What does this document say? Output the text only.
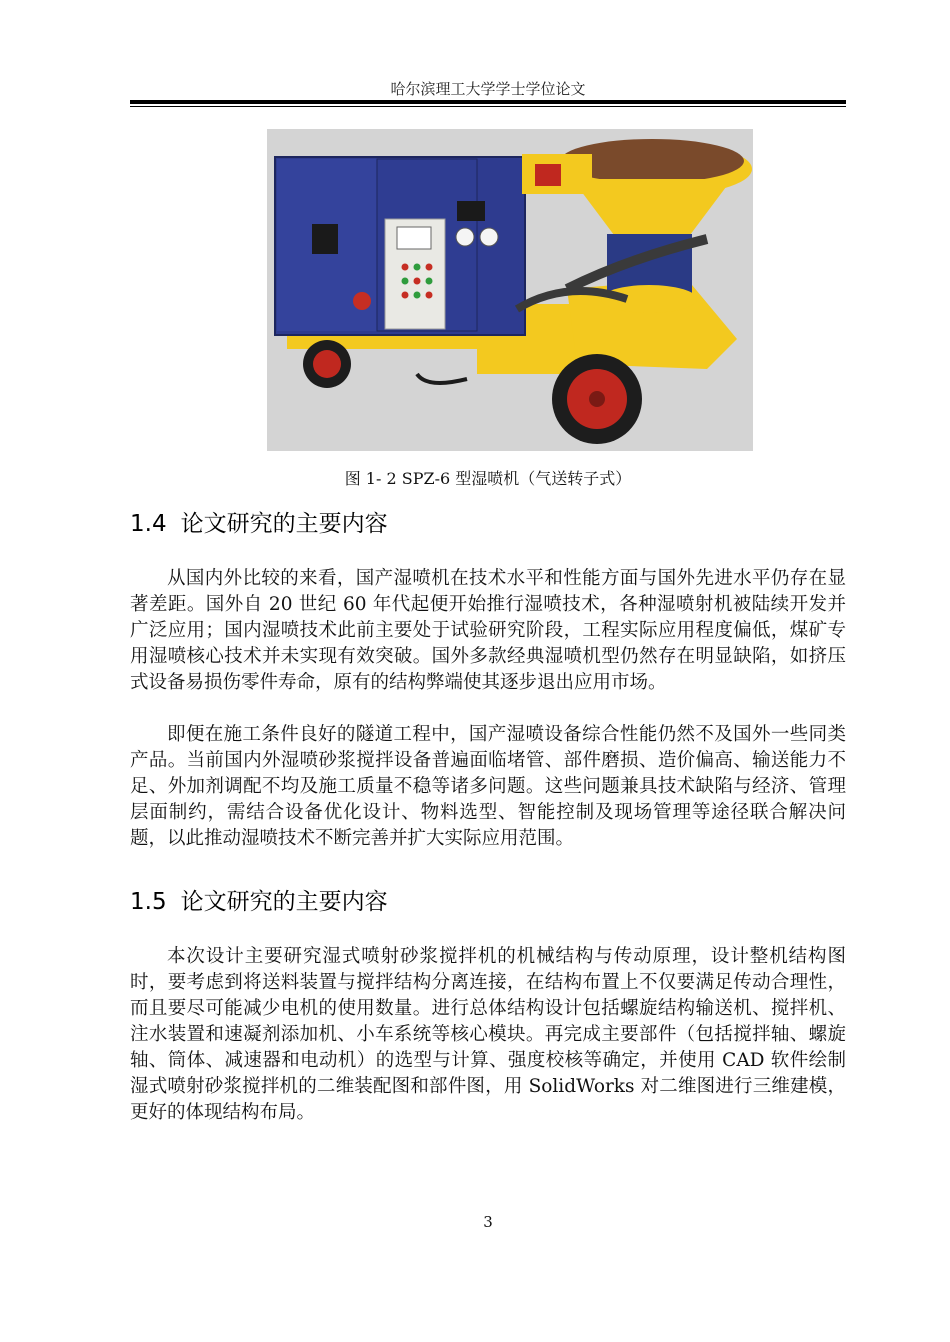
哈尔滨理工大学学士学位论文
图 1- 2 SPZ-6 型湿喷机（气送转子式）
1.4 论文研究的主要内容

从国内外比较的来看，国产湿喷机在技术水平和性能方面与国外先进水平仍存在显著差距。国外自 20 世纪 60 年代起便开始推行湿喷技术，各种湿喷射机被陆续开发并广泛应用；国内湿喷技术此前主要处于试验研究阶段，工程实际应用程度偏低，煤矿专用湿喷核心技术并未实现有效突破。国外多款经典湿喷机型仍然存在明显缺陷，如挤压式设备易损伤零件寿命，原有的结构弊端使其逐步退出应用市场。

即便在施工条件良好的隧道工程中，国产湿喷设备综合性能仍然不及国外一些同类产品。当前国内外湿喷砂浆搅拌设备普遍面临堵管、部件磨损、造价偏高、输送能力不足、外加剂调配不均及施工质量不稳等诸多问题。这些问题兼具技术缺陷与经济、管理层面制约，需结合设备优化设计、物料选型、智能控制及现场管理等途径联合解决问题，以此推动湿喷技术不断完善并扩大实际应用范围。

1.5 论文研究的主要内容

本次设计主要研究湿式喷射砂浆搅拌机的机械结构与传动原理，设计整机结构图时，要考虑到将送料装置与搅拌结构分离连接，在结构布置上不仅要满足传动合理性，而且要尽可能减少电机的使用数量。进行总体结构设计包括螺旋结构输送机、搅拌机、注水装置和速凝剂添加机、小车系统等核心模块。再完成主要部件（包括搅拌轴、螺旋轴、筒体、减速器和电动机）的选型与计算、强度校核等确定，并使用 CAD 软件绘制湿式喷射砂浆搅拌机的二维装配图和部件图，用 SolidWorks 对二维图进行三维建模，更好的体现结构布局。

3
